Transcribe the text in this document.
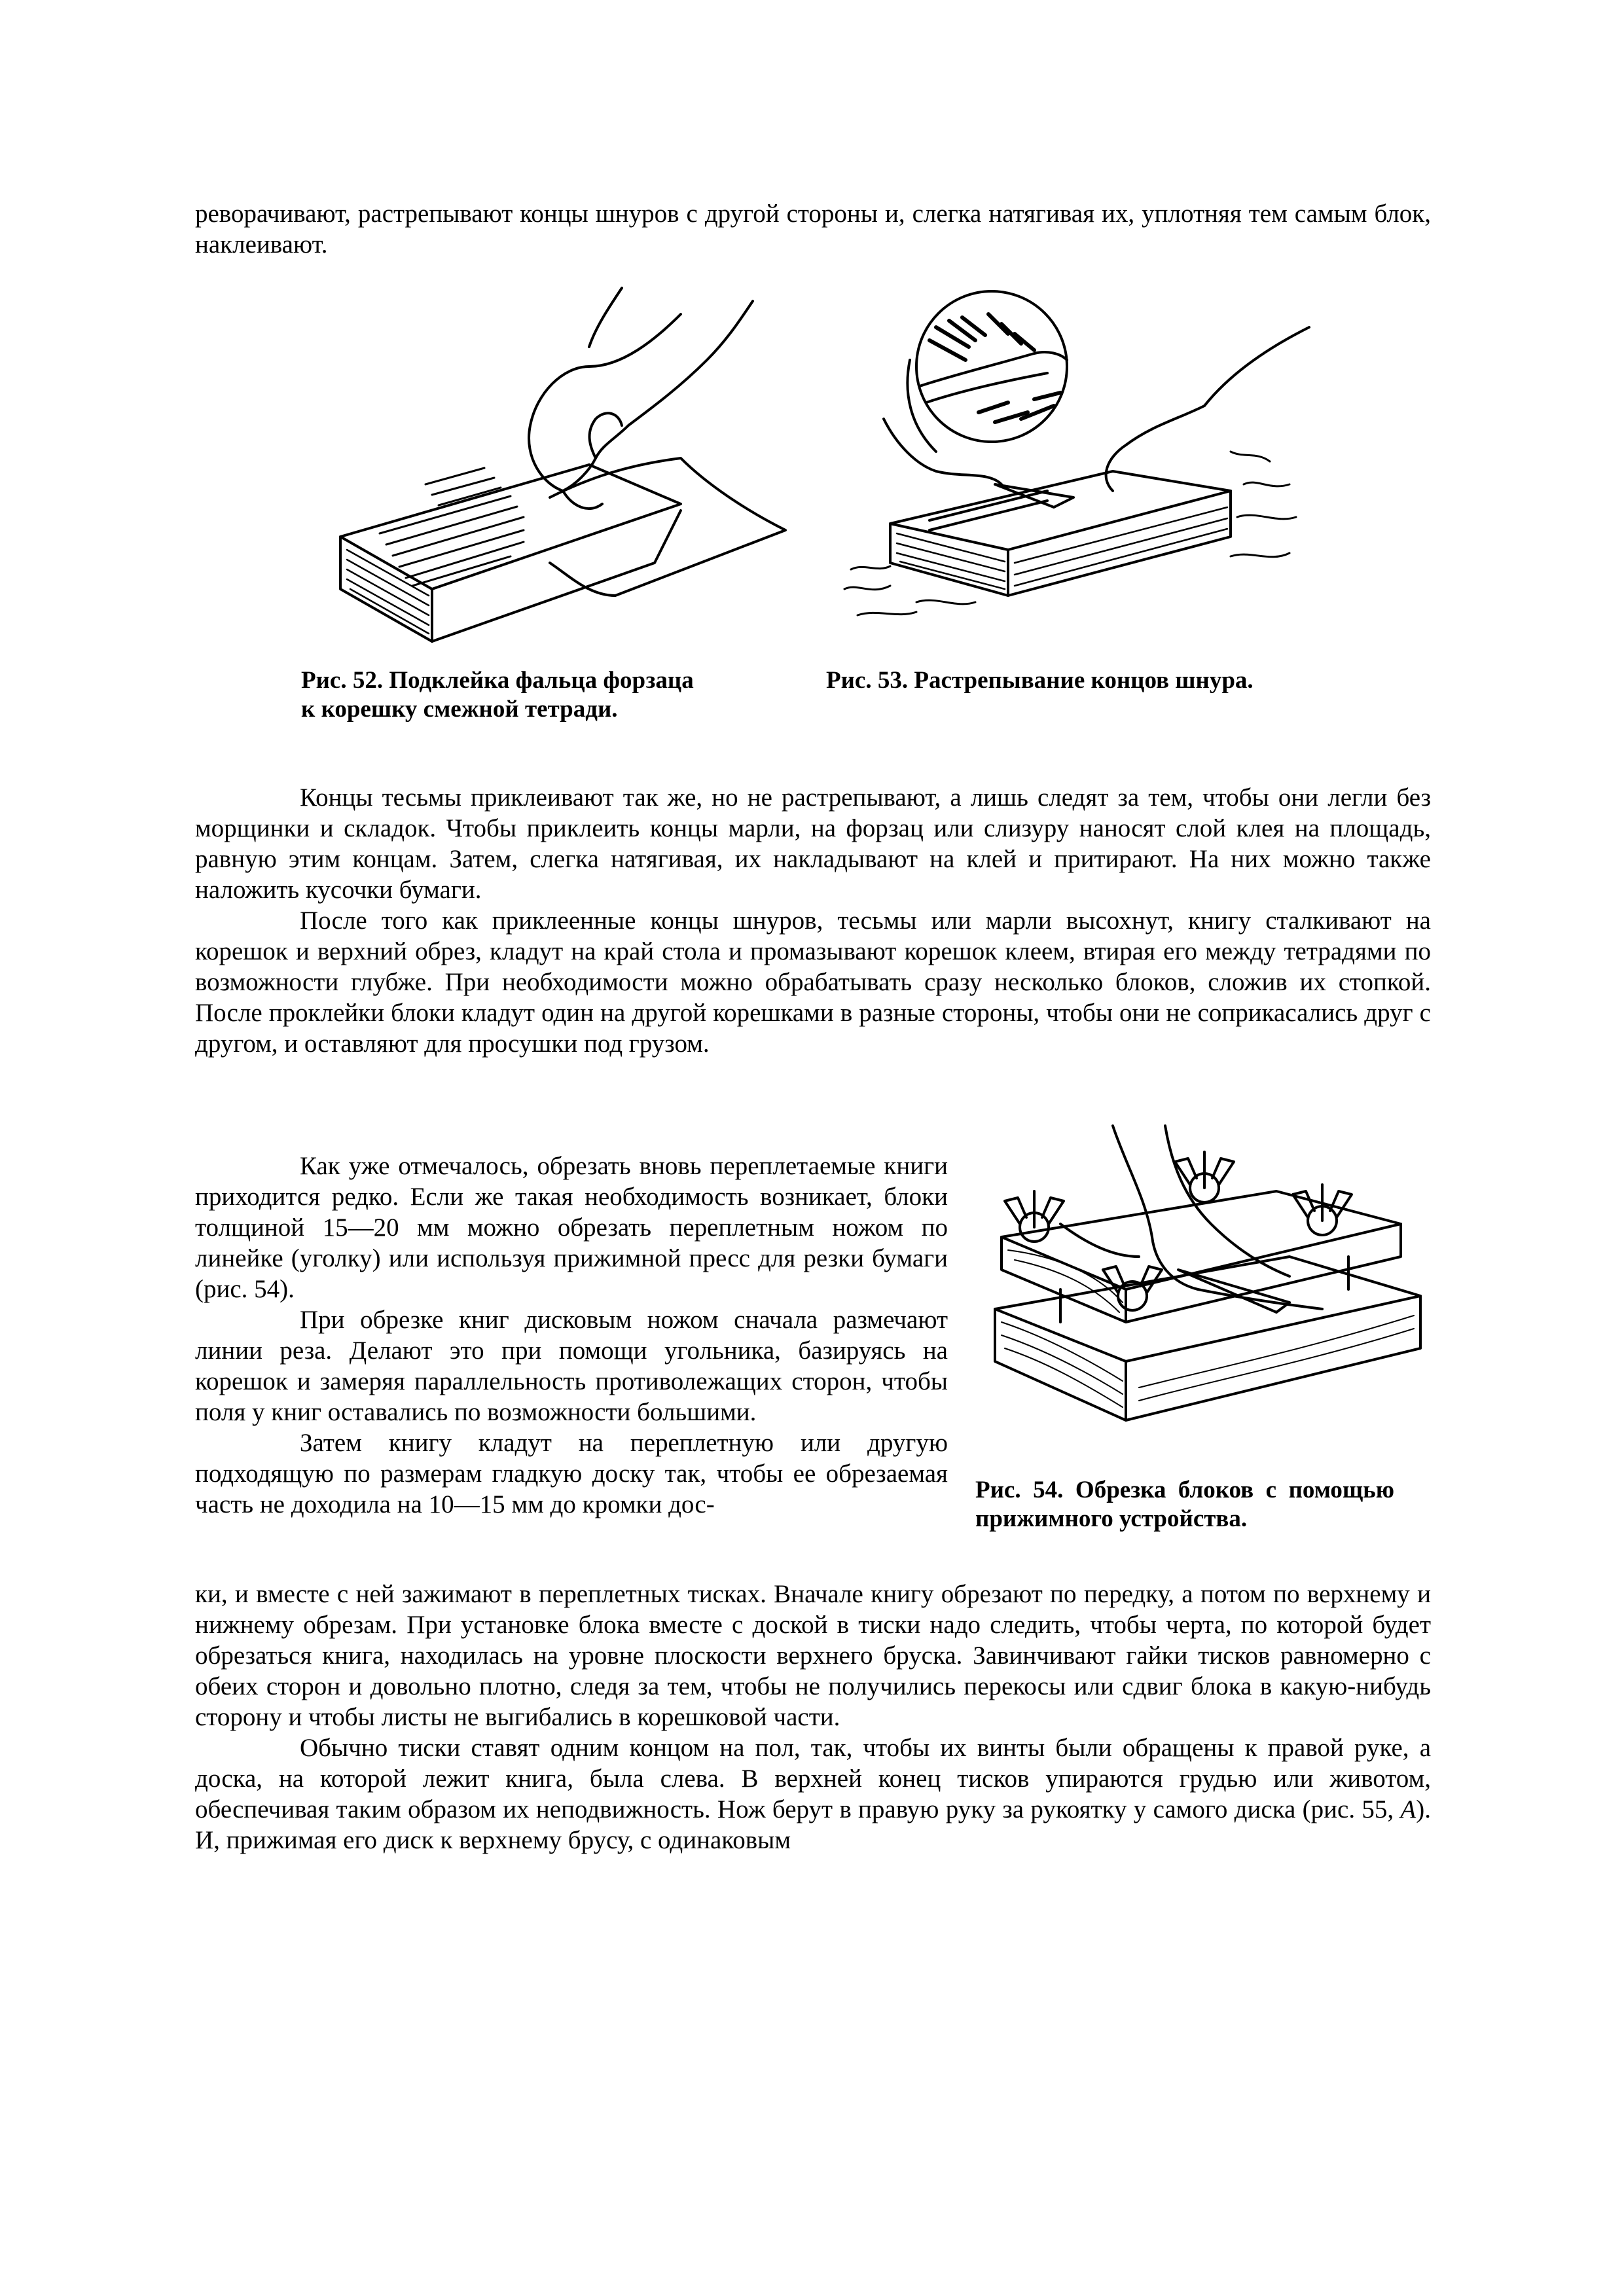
реворачивают, растрепывают концы шнуров с другой стороны и, слегка натягивая их, уплотняя тем самым блок, наклеивают.

Рис. 52. Подклейка фальца форзаца к корешку смежной тетради.
Рис. 53. Растрепывание концов шнура.

Концы тесьмы приклеивают так же, но не растрепывают, а лишь следят за тем, чтобы они легли без морщинки и складок. Чтобы приклеить концы марли, на форзац или слизуру наносят слой клея на площадь, равную этим концам. Затем, слегка натягивая, их накладывают на клей и притирают. На них можно также наложить кусочки бумаги.

После того как приклеенные концы шнуров, тесьмы или марли высохнут, книгу сталкивают на корешок и верхний обрез, кладут на край стола и промазывают корешок клеем, втирая его между тетрадями по возможности глубже. При необходимости можно обрабатывать сразу несколько блоков, сложив их стопкой. После проклейки блоки кладут один на другой корешками в разные стороны, чтобы они не соприкасались друг с другом, и оставляют для просушки под грузом.

Как уже отмечалось, обрезать вновь переплетаемые книги приходится редко. Если же такая необходимость возникает, блоки толщиной 15—20 мм можно обрезать переплетным ножом по линейке (уголку) или используя прижимной пресс для резки бумаги (рис. 54).

При обрезке книг дисковым ножом сначала размечают линии реза. Делают это при помощи угольника, базируясь на корешок и замеряя параллельность противолежащих сторон, чтобы поля у книг оставались по возможности большими.

Затем книгу кладут на переплетную или другую подходящую по размерам гладкую доску так, чтобы ее обрезаемая часть не доходила на 10—15 мм до кромки дос-

Рис. 54. Обрезка блоков с помощью прижимного устройства.

ки, и вместе с ней зажимают в переплетных тисках. Вначале книгу обрезают по передку, а потом по верхнему и нижнему обрезам. При установке блока вместе с доской в тиски надо следить, чтобы черта, по которой будет обрезаться книга, находилась на уровне плоскости верхнего бруска. Завинчивают гайки тисков равномерно с обеих сторон и довольно плотно, следя за тем, чтобы не получились перекосы или сдвиг блока в какую-нибудь сторону и чтобы листы не выгибались в корешковой части.

Обычно тиски ставят одним концом на пол, так, чтобы их винты были обращены к правой руке, а доска, на которой лежит книга, была слева. В верхней конец тисков упираются грудью или животом, обеспечивая таким образом их неподвижность. Нож берут в правую руку за рукоятку у самого диска (рис. 55, А). И, прижимая его диск к верхнему брусу, с одинаковым
